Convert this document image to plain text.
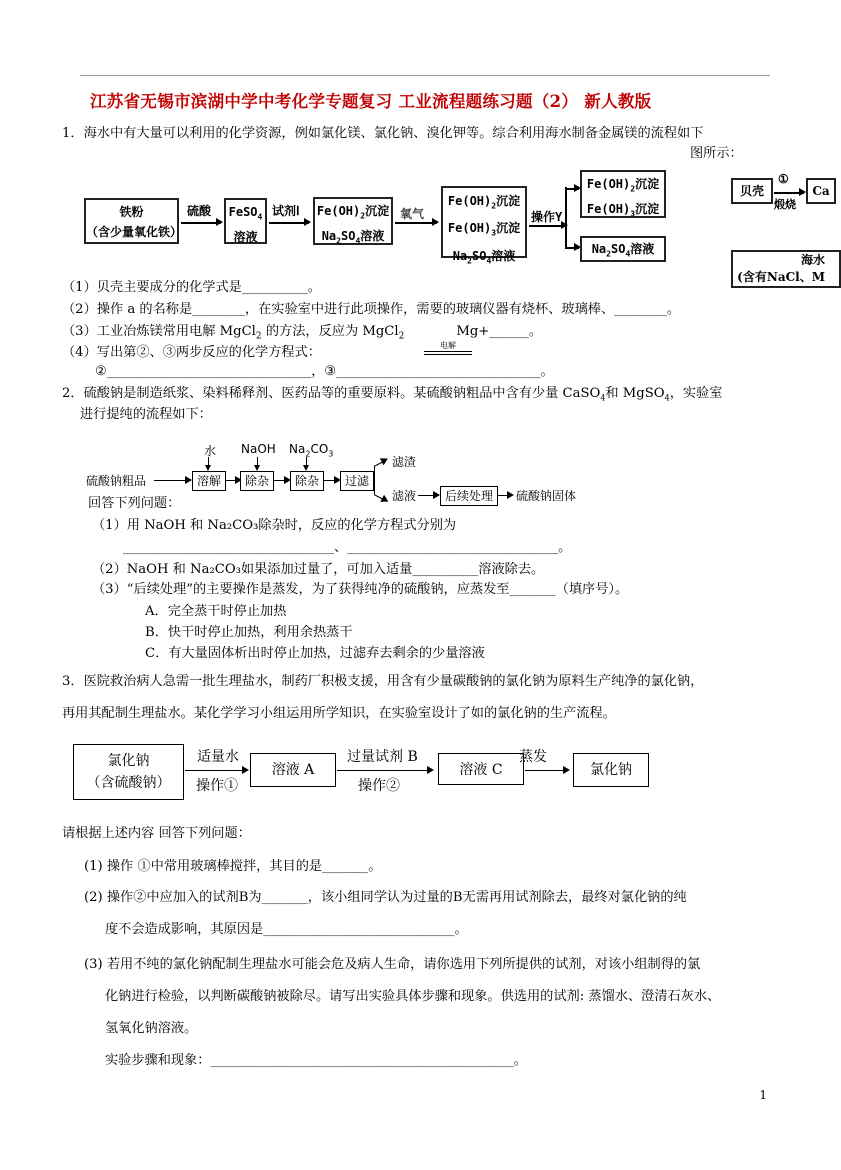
江苏省无锡市滨湖中学中考化学专题复习 工业流程题练习题（2） 新人教版
1．海水中有大量可以利用的化学资源，例如氯化镁、氯化钠、溴化钾等。综合利用海水制备金属镁的流程如下
图所示：
铁粉
（含少量氧化铁）
硫酸 FeSO$_4$
溶液
试剂Ⅰ $Fe(OH)_2$沉淀
$Na_2SO_4$溶液
氧气
$Fe(OH)_2$沉淀
$Fe(OH)_3$沉淀
$Na_2SO_4$溶液
操作Y
$Fe(OH)_2$沉淀
$Fe(OH)_3$沉淀
$Na_2SO_4$溶液
贝壳
①
煅烧
Ca
海水
(含有NaCl、M
（1）贝壳主要成分的化学式是__________。
（2）操作 a 的名称是________，在实验室中进行此项操作，需要的玻璃仪器有烧杯、玻璃棒、________。
（3）工业冶炼镁常用电解 MgCl$_2$ 的方法，反应为 MgCl$_2$	Mg+______。
（4）写出第②、③两步反应的化学方程式：	电解
②_______________________________，③_______________________________。
2．硫酸钠是制造纸浆、染料稀释剂、医药品等的重要原料。某硫酸钠粗品中含有少量 CaSO$_4$和 MgSO$_4$，实验室
进行提纯的流程如下：
硫酸钠粗品
水
溶解
NaOH
除杂
$Na_2CO_3$
除杂	过滤
滤渣
滤液	后续处理	硫酸钠固体
回答下列问题：
（1）用 NaOH 和 Na₂CO₃除杂时，反应的化学方程式分别为
________________________________、________________________________。
（2）NaOH 和 Na₂CO₃如果添加过量了，可加入适量__________溶液除去。
（3）“后续处理”的主要操作是蒸发，为了获得纯净的硫酸钠，应蒸发至_______（填序号）。
A．完全蒸干时停止加热
B．快干时停止加热，利用余热蒸干
C．有大量固体析出时停止加热，过滤弃去剩余的少量溶液
3．医院救治病人急需一批生理盐水，制药厂积极支援，用含有少量碳酸钠的氯化钠为原料生产纯净的氯化钠，
再用其配制生理盐水。某化学学习小组运用所学知识，在实验室设计了如的氯化钠的生产流程。
氯化钠
（含硫酸钠）
适量水
操作①
溶液 A
过量试剂 B
操作②
溶液 C
蒸发
氯化钠
请根据上述内容 回答下列问题：
(1) 操作 ①中常用玻璃棒搅拌，其目的是_______。
(2) 操作②中应加入的试剂B为_______，该小组同学认为过量的B无需再用试剂除去，最终对氯化钠的纯
度不会造成影响，其原因是_____________________________。
(3) 若用不纯的氯化钠配制生理盐水可能会危及病人生命，请你选用下列所提供的试剂，对该小组制得的氯
化钠进行检验，以判断碳酸钠被除尽。请写出实验具体步骤和现象。供选用的试剂: 蒸馏水、澄清石灰水、
氢氧化钠溶液。
实验步骤和现象：______________________________________________。
1
